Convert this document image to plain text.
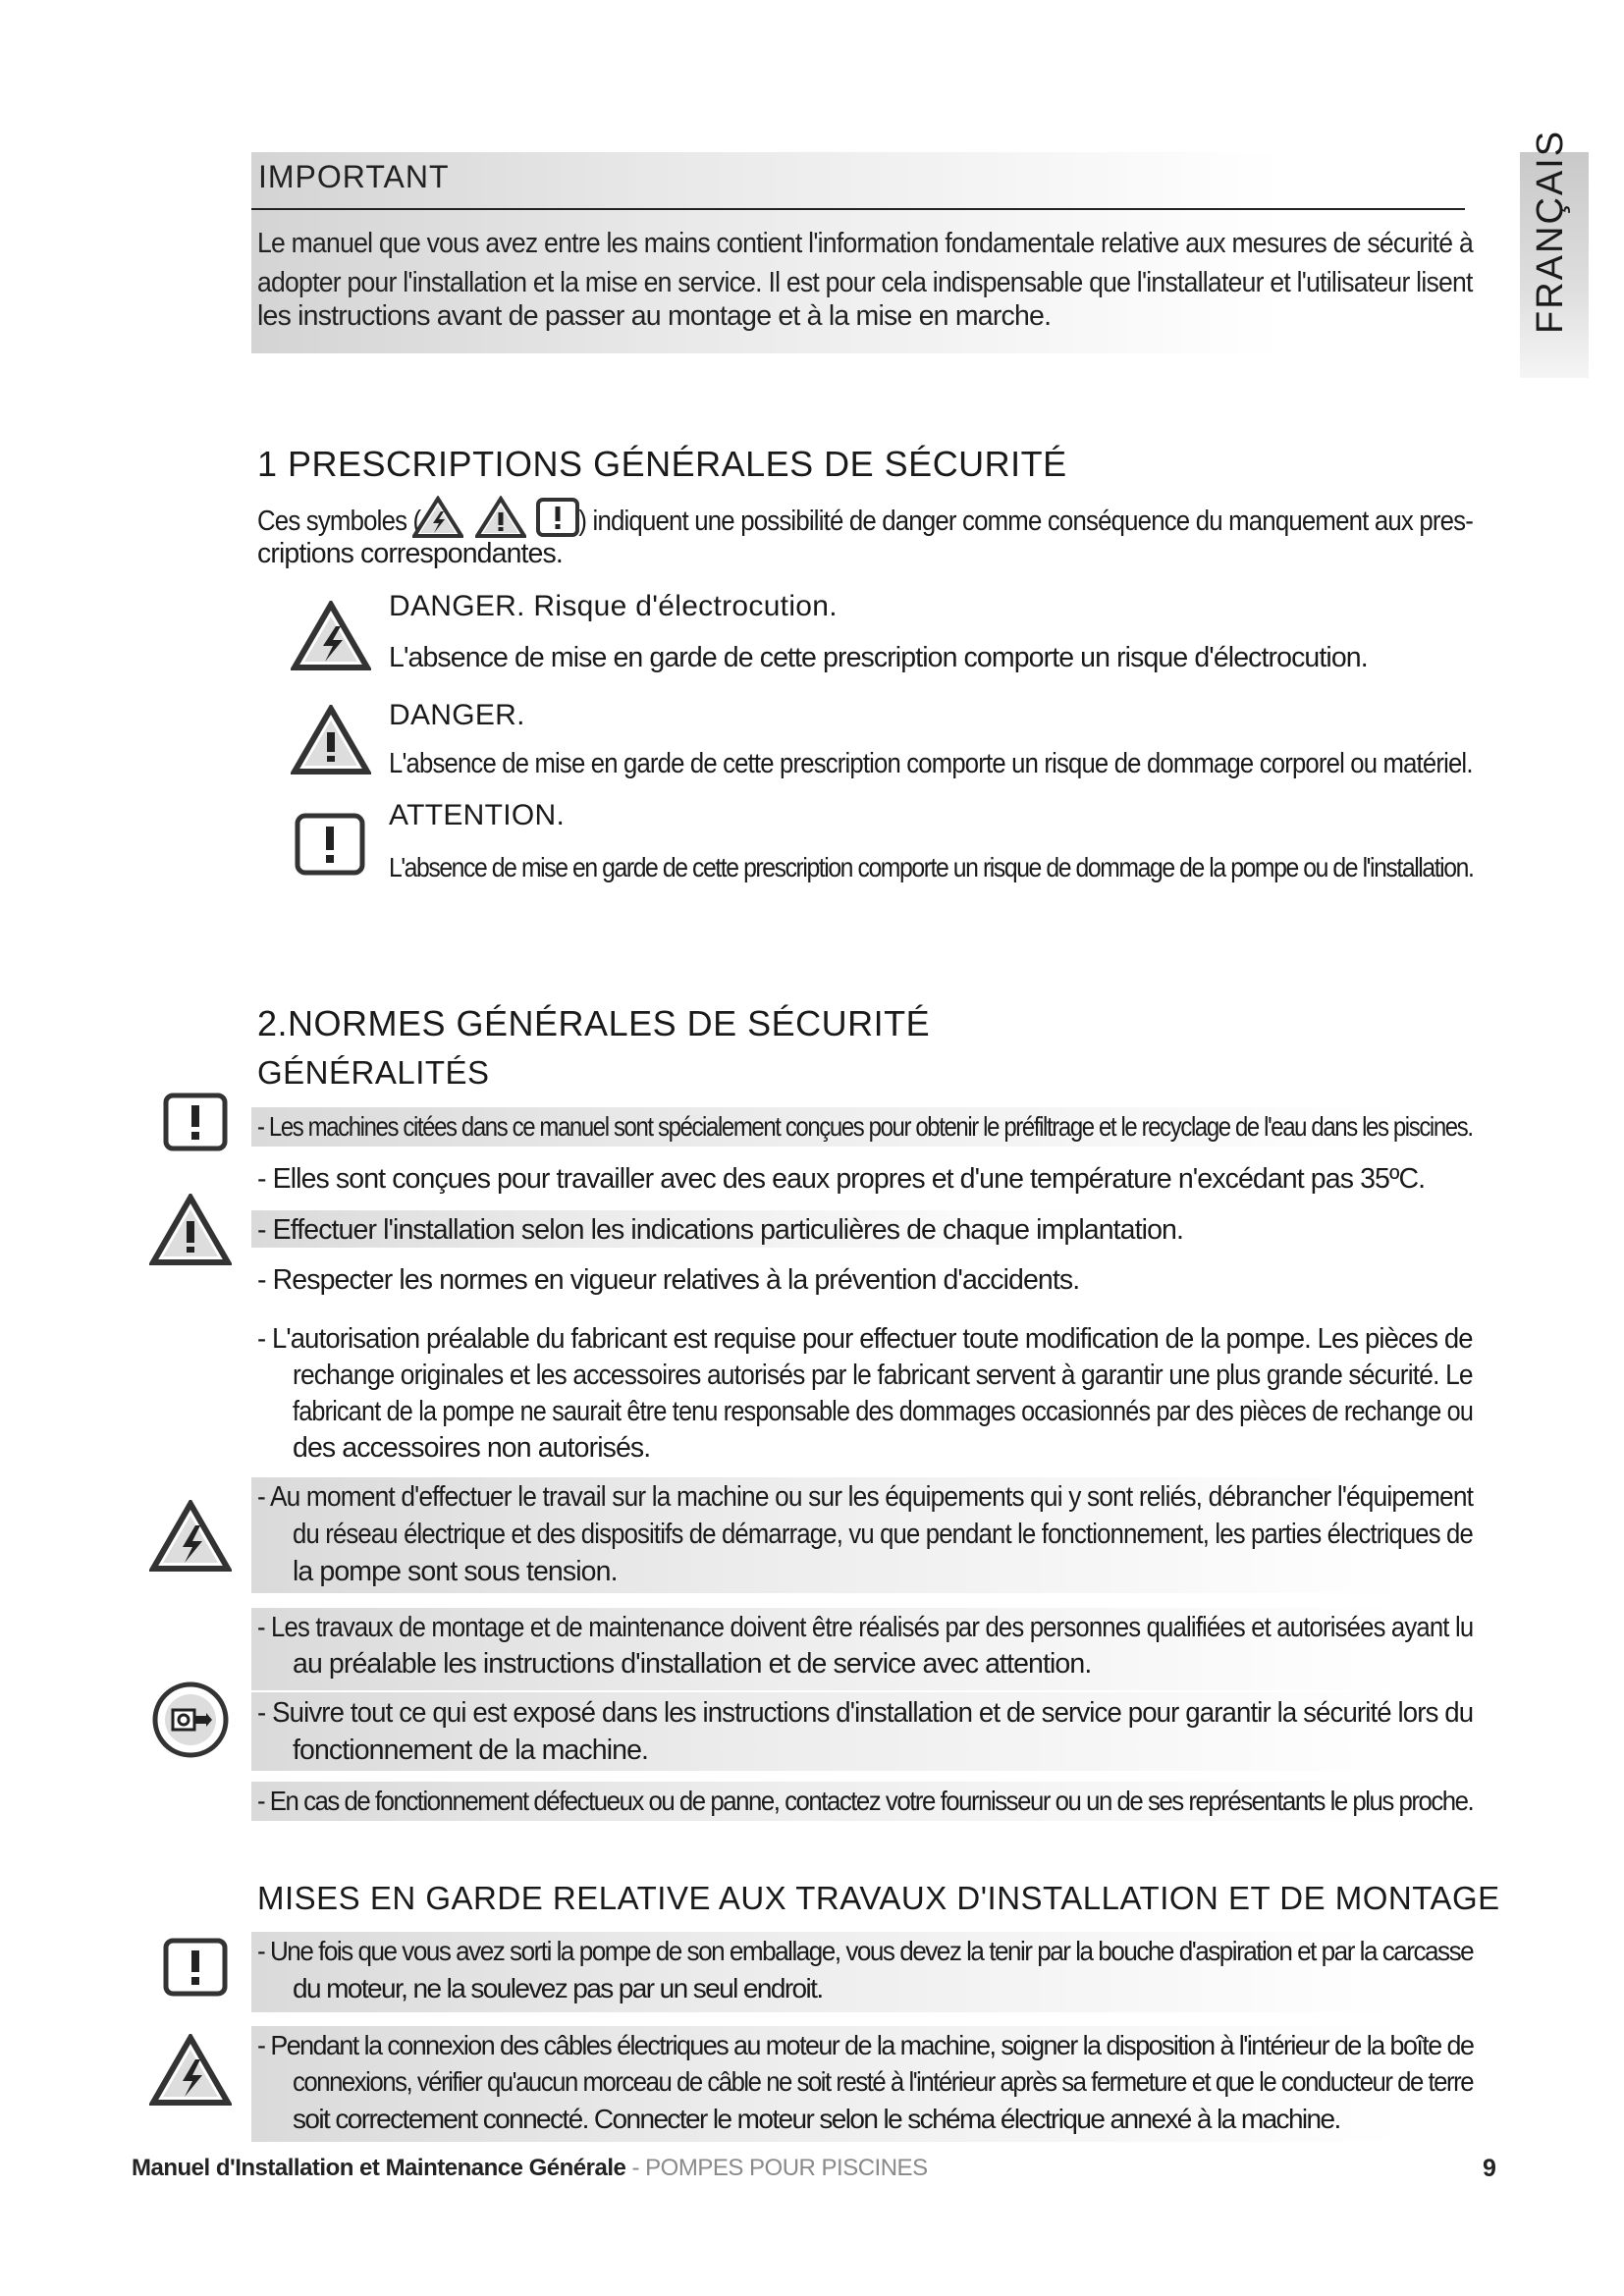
FRANÇAIS
IMPORTANT
Le manuel que vous avez entre les mains contient l'information fondamentale relative aux mesures de sécurité à
adopter pour l'installation et la mise en service. Il est pour cela indispensable que l'installateur et l'utilisateur lisent
les instructions avant de passer au montage et à la mise en marche.
1 PRESCRIPTIONS GÉNÉRALES DE SÉCURITÉ
Ces symboles (	) indiquent une possibilité de danger comme conséquence du manquement aux pres-
criptions correspondantes.
DANGER. Risque d'électrocution.
L'absence de mise en garde de cette prescription comporte un risque d'électrocution.
DANGER.
L'absence de mise en garde de cette prescription comporte un risque de dommage corporel ou matériel.
ATTENTION.
L'absence de mise en garde de cette prescription comporte un risque de dommage de la pompe ou de l'installation.
2.NORMES GÉNÉRALES DE SÉCURITÉ
GÉNÉRALITÉS
- Les machines citées dans ce manuel sont spécialement conçues pour obtenir le préfiltrage et le recyclage de l'eau dans les piscines.
- Elles sont conçues pour travailler avec des eaux propres et d'une température n'excédant pas 35ºC.
- Effectuer l'installation selon les indications particulières de chaque implantation.
- Respecter les normes en vigueur relatives à la prévention d'accidents.
- L'autorisation préalable du fabricant est requise pour effectuer toute modification de la pompe. Les pièces de
rechange originales et les accessoires autorisés par le fabricant servent à garantir une plus grande sécurité. Le
fabricant de la pompe ne saurait être tenu responsable des dommages occasionnés par des pièces de rechange ou
des accessoires non autorisés.
- Au moment d'effectuer le travail sur la machine ou sur les équipements qui y sont reliés, débrancher l'équipement
du réseau électrique et des dispositifs de démarrage, vu que pendant le fonctionnement, les parties électriques de
la pompe sont sous tension.
- Les travaux de montage et de maintenance doivent être réalisés par des personnes qualifiées et autorisées ayant lu
au préalable les instructions d'installation et de service avec attention.
- Suivre tout ce qui est exposé dans les instructions d'installation et de service pour garantir la sécurité lors du
fonctionnement de la machine.
- En cas de fonctionnement défectueux ou de panne, contactez votre fournisseur ou un de ses représentants le plus proche.
MISES EN GARDE RELATIVE AUX TRAVAUX D'INSTALLATION ET DE MONTAGE
- Une fois que vous avez sorti la pompe de son emballage, vous devez la tenir par la bouche d'aspiration et par la carcasse
du moteur, ne la soulevez pas par un seul endroit.
- Pendant la connexion des câbles électriques au moteur de la machine, soigner la disposition à l'intérieur de la boîte de
connexions, vérifier qu'aucun morceau de câble ne soit resté à l'intérieur après sa fermeture et que le conducteur de terre
soit correctement connecté. Connecter le moteur selon le schéma électrique annexé à la machine.
Manuel d'Installation et Maintenance Générale - POMPES POUR PISCINES	9
